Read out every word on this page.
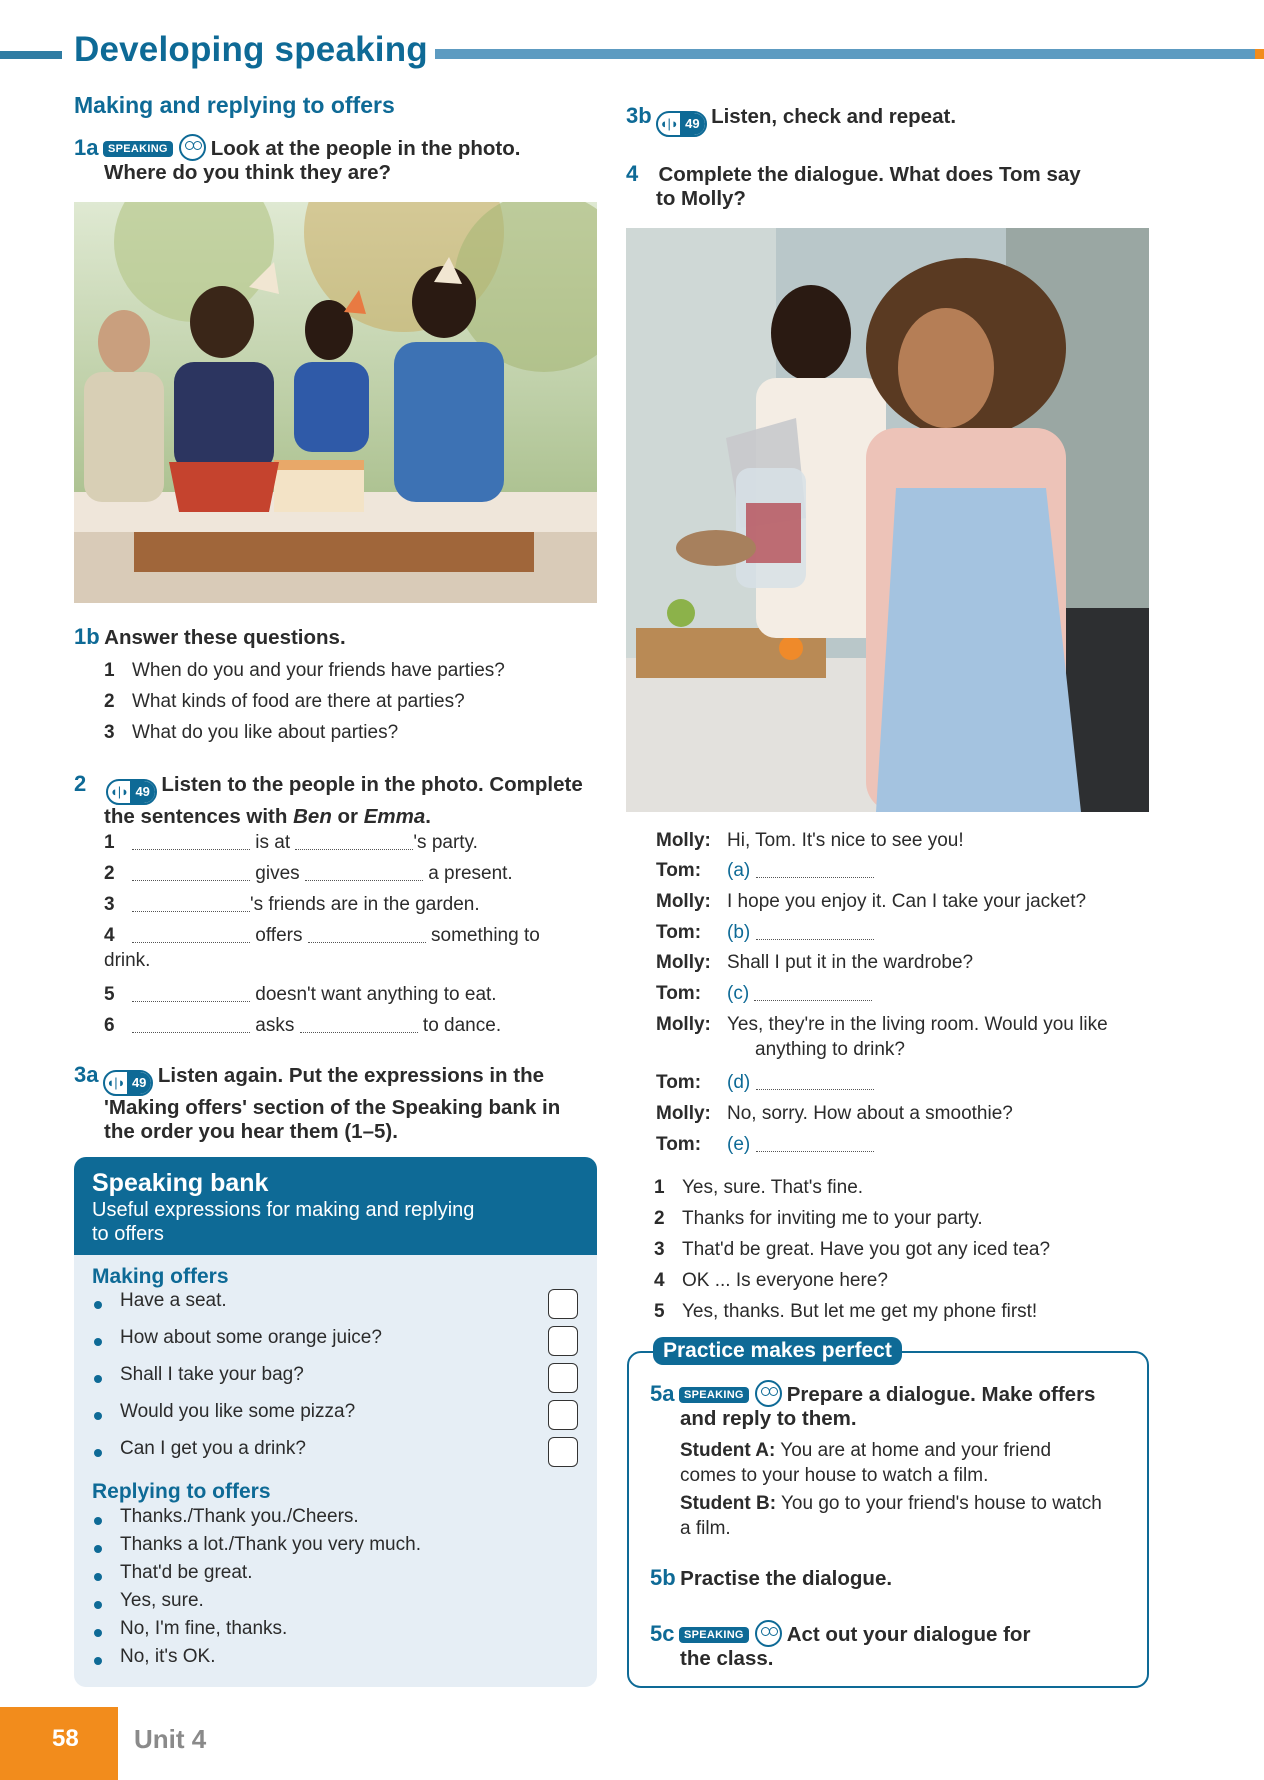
Developing speaking
Making and replying to offers
1a SPEAKING Look at the people in the photo.
Where do you think they are?
1b Answer these questions.
1 When do you and your friends have parties?
2 What kinds of food are there at parties?
3 What do you like about parties?
2 ◖|◗ 49 Listen to the people in the photo. Complete
the sentences with Ben or Emma.
1	is at	's party.
2	gives	a present.
3	's friends are in the garden.
4	offers	something to
drink.
5	doesn't want anything to eat.
6	asks	to dance.
3a ◖|◗ 49 Listen again. Put the expressions in the
'Making offers' section of the Speaking bank in
the order you hear them (1–5).
Speaking bank
Useful expressions for making and replying
to offers
Making offers
Have a seat.
How about some orange juice?
Shall I take your bag?
Would you like some pizza?
Can I get you a drink?
Replying to offers
Thanks./Thank you./Cheers.
Thanks a lot./Thank you very much.
That'd be great.
Yes, sure.
No, I'm fine, thanks.
No, it's OK.
3b ◖|◗ 49 Listen, check and repeat.
4 Complete the dialogue. What does Tom say
to Molly?
Molly: Hi, Tom. It's nice to see you!
Tom: (a)
Molly: I hope you enjoy it. Can I take your jacket?
Tom: (b)
Molly: Shall I put it in the wardrobe?
Tom: (c)
Molly: Yes, they're in the living room. Would you like
anything to drink?
Tom: (d)
Molly: No, sorry. How about a smoothie?
Tom: (e)
1 Yes, sure. That's fine.
2 Thanks for inviting me to your party.
3 That'd be great. Have you got any iced tea?
4 OK ... Is everyone here?
5 Yes, thanks. But let me get my phone first!
Practice makes perfect
5a SPEAKING Prepare a dialogue. Make offers
and reply to them.
Student A: You are at home and your friend
comes to your house to watch a film.
Student B: You go to your friend's house to watch
a film.
5b Practise the dialogue.
5c SPEAKING Act out your dialogue for
the class.
58	Unit 4
